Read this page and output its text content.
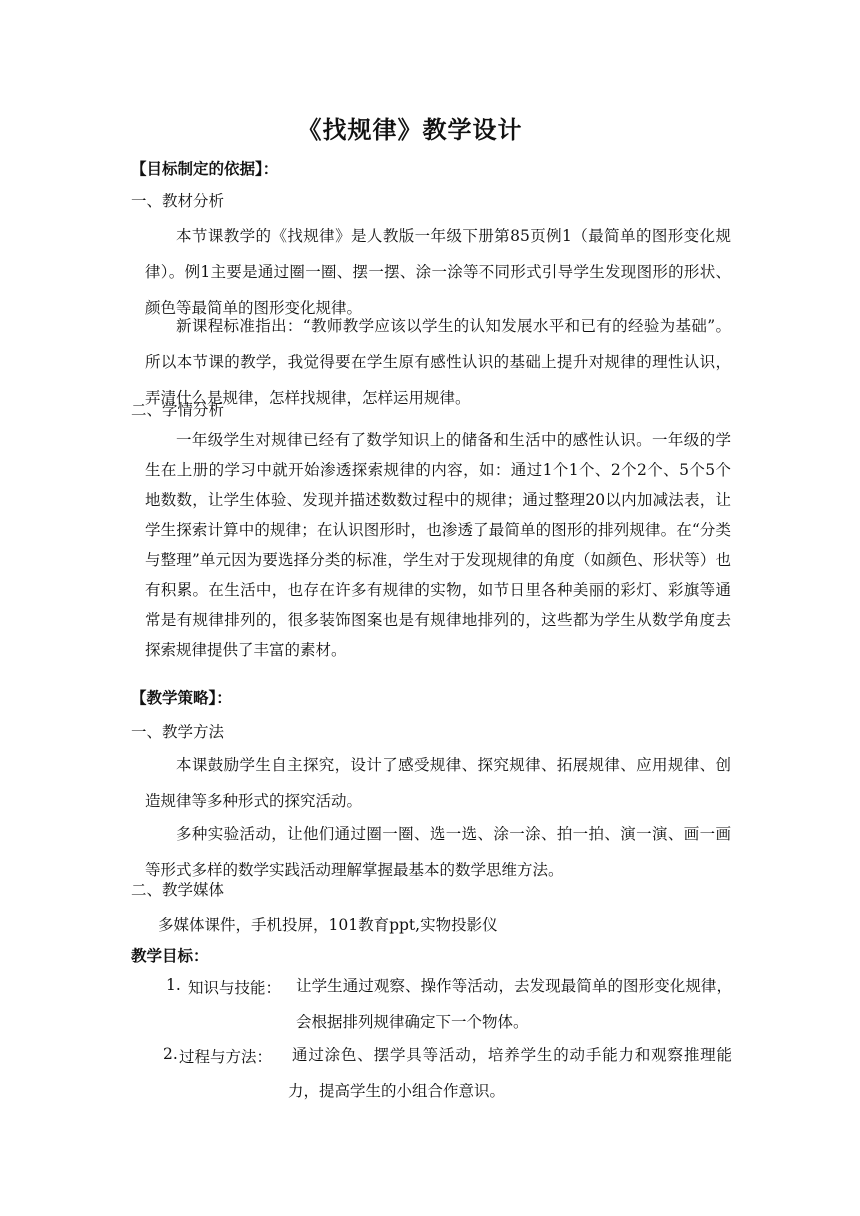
《找规律》教学设计
【目标制定的依据】：
一、教材分析
本节课教学的《找规律》是人教版一年级下册第85页例1（最简单的图形变化规律）。例1主要是通过圈一圈、摆一摆、涂一涂等不同形式引导学生发现图形的形状、颜色等最简单的图形变化规律。
新课程标准指出：“教师教学应该以学生的认知发展水平和已有的经验为基础”。所以本节课的教学，我觉得要在学生原有感性认识的基础上提升对规律的理性认识，弄清什么是规律，怎样找规律，怎样运用规律。
二、学情分析
一年级学生对规律已经有了数学知识上的储备和生活中的感性认识。一年级的学生在上册的学习中就开始渗透探索规律的内容，如：通过1个1个、2个2个、5个5个地数数，让学生体验、发现并描述数数过程中的规律；通过整理20以内加减法表，让学生探索计算中的规律；在认识图形时，也渗透了最简单的图形的排列规律。在“分类与整理”单元因为要选择分类的标准，学生对于发现规律的角度（如颜色、形状等）也有积累。在生活中，也存在许多有规律的实物，如节日里各种美丽的彩灯、彩旗等通常是有规律排列的，很多装饰图案也是有规律地排列的，这些都为学生从数学角度去探索规律提供了丰富的素材。
【教学策略】：
一、教学方法
本课鼓励学生自主探究，设计了感受规律、探究规律、拓展规律、应用规律、创造规律等多种形式的探究活动。
多种实验活动，让他们通过圈一圈、选一选、涂一涂、拍一拍、演一演、画一画等形式多样的数学实践活动理解掌握最基本的数学思维方法。
二、教学媒体
多媒体课件，手机投屏，101教育ppt,实物投影仪
教学目标：
1. 知识与技能： 让学生通过观察、操作等活动，去发现最简单的图形变化规律，会根据排列规律确定下一个物体。
2. 过程与方法： 通过涂色、摆学具等活动，培养学生的动手能力和观察推理能力，提高学生的小组合作意识。
